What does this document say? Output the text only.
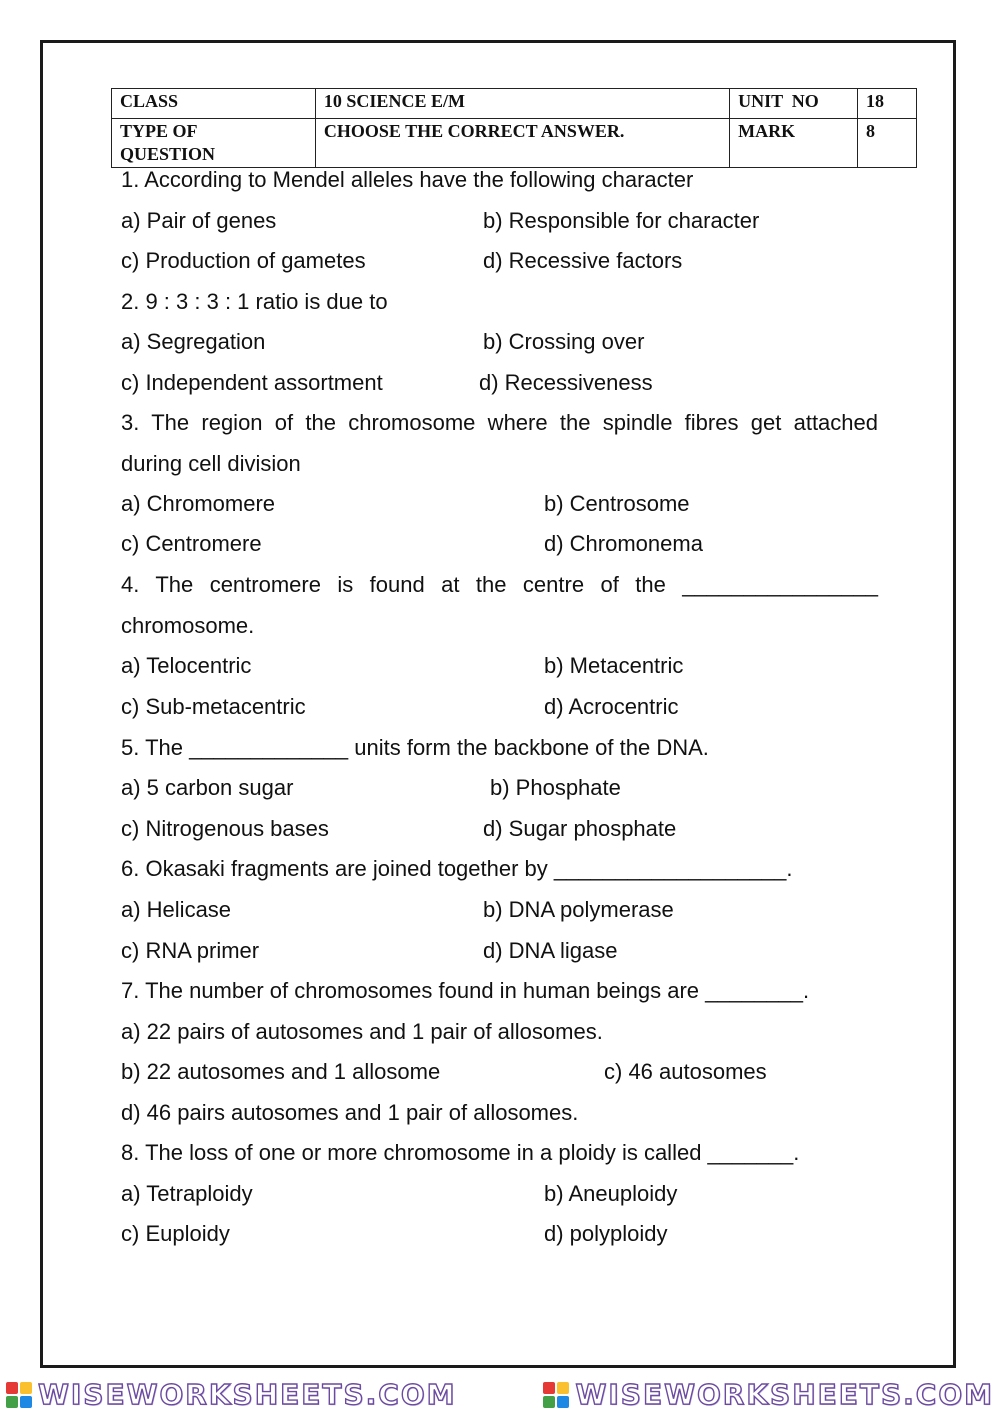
CLASS	10 SCIENCE E/M	UNIT  NO	18
TYPE OF QUESTION	CHOOSE THE CORRECT ANSWER.	MARK	8
1. According to Mendel alleles have the following character
a) Pair of genes	b) Responsible for character
c) Production of gametes	d) Recessive factors
2. 9 : 3 : 3 : 1 ratio is due to
a) Segregation	b) Crossing over
c) Independent assortment	d) Recessiveness
3. The region of the chromosome where the spindle fibres get attached
during cell division
a) Chromomere	b) Centrosome
c) Centromere	d) Chromonema
4. The centromere is found at the centre of the ________________
chromosome.
a) Telocentric	b) Metacentric
c) Sub-metacentric	d) Acrocentric
5. The _____________ units form the backbone of the DNA.
a) 5 carbon sugar	b) Phosphate
c) Nitrogenous bases	d) Sugar phosphate
6. Okasaki fragments are joined together by ___________________.
a) Helicase	b) DNA polymerase
c) RNA primer	d) DNA ligase
7. The number of chromosomes found in human beings are ________.
a) 22 pairs of autosomes and 1 pair of allosomes.
b) 22 autosomes and 1 allosome	c) 46 autosomes
d) 46 pairs autosomes and 1 pair of allosomes.
8. The loss of one or more chromosome in a ploidy is called _______.
a) Tetraploidy	b) Aneuploidy
c) Euploidy	d) polyploidy
WISEWORKSHEETS.COM	WISEWORKSHEETS.COM
